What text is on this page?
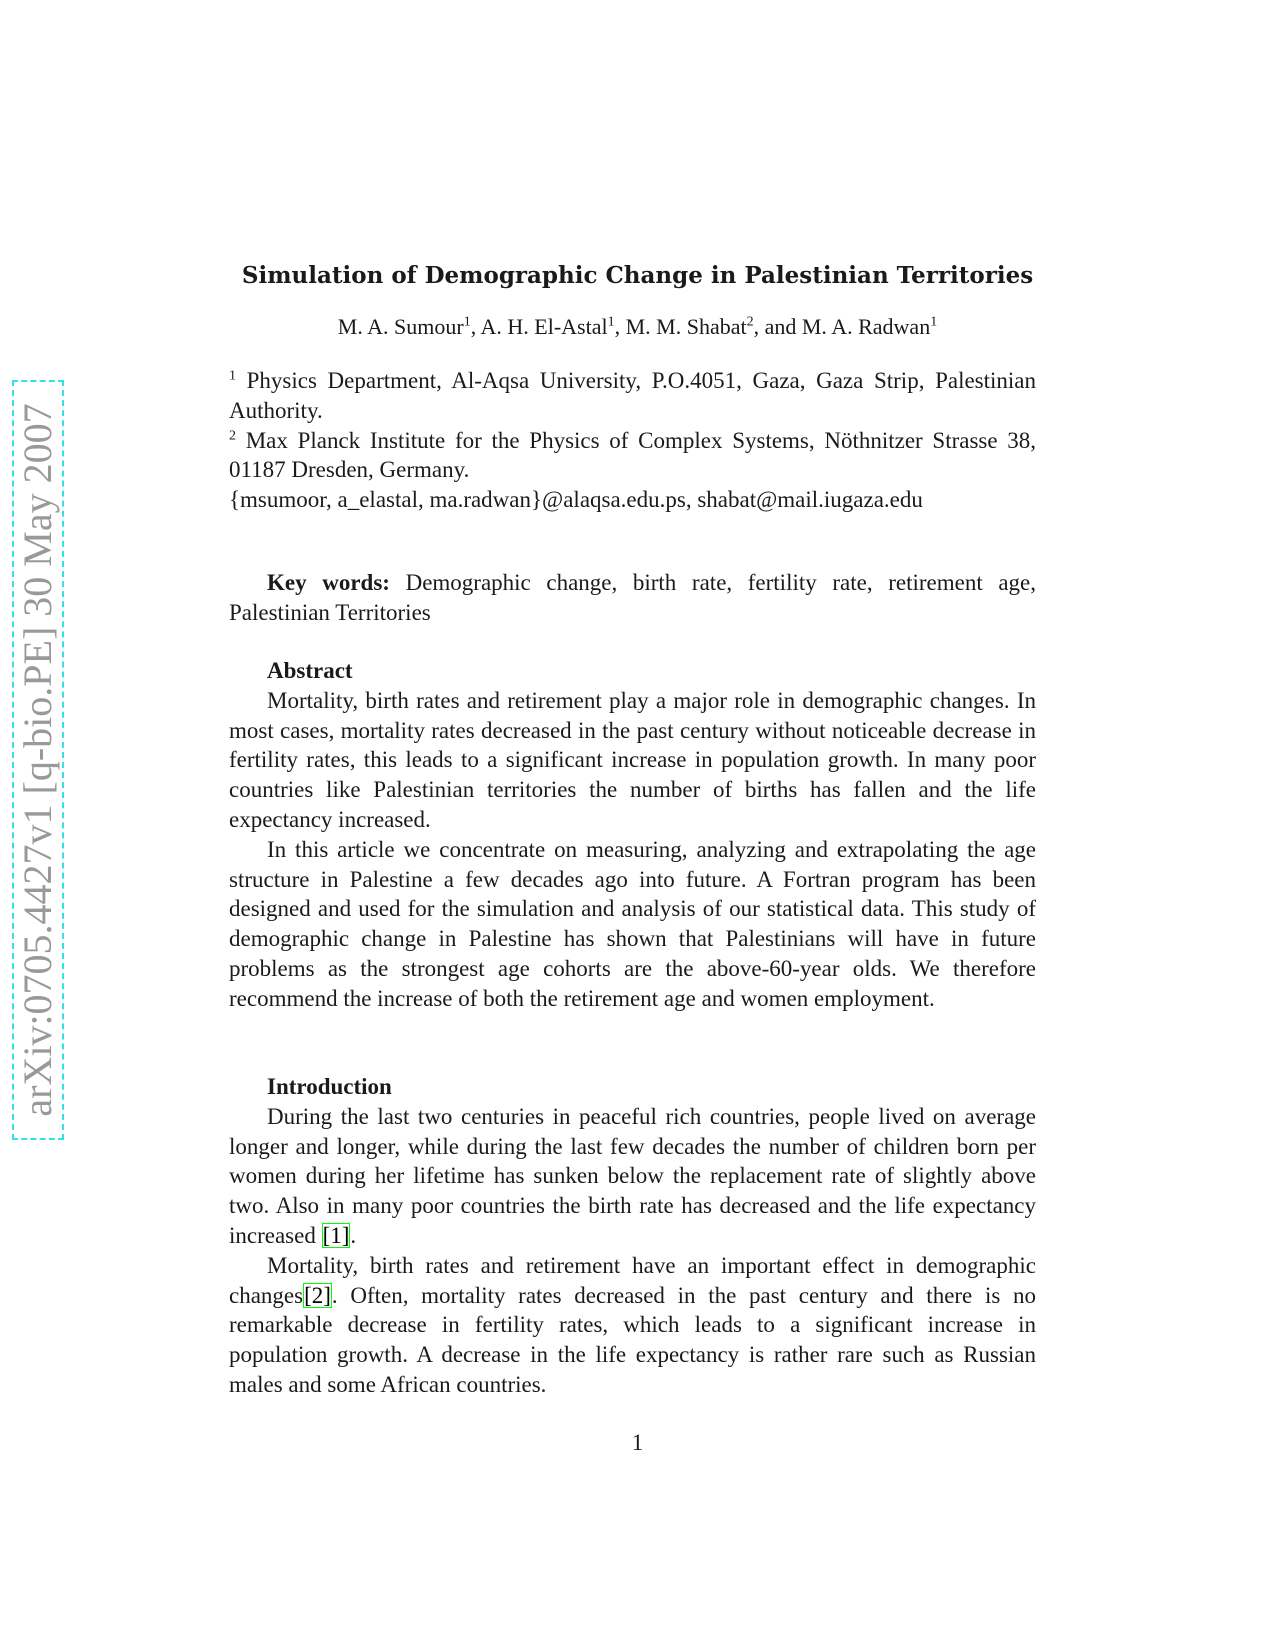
arXiv:0705.4427v1 [q-bio.PE] 30 May 2007
Simulation of Demographic Change in Palestinian Territories
M. A. Sumour$^1$, A. H. El-Astal$^1$, M. M. Shabat$^2$, and M. A. Radwan$^1$

$^1$ Physics Department, Al-Aqsa University, P.O.4051, Gaza, Gaza Strip, Palestinian Authority.

$^2$ Max Planck Institute for the Physics of Complex Systems, Nöthnitzer Strasse 38, 01187 Dresden, Germany.

{msumoor, a_elastal, ma.radwan}@alaqsa.edu.ps, shabat@mail.iugaza.edu

Key words: Demographic change, birth rate, fertility rate, retirement age, Palestinian Territories

Abstract

Mortality, birth rates and retirement play a major role in demographic changes. In most cases, mortality rates decreased in the past century without noticeable decrease in fertility rates, this leads to a significant increase in population growth. In many poor countries like Palestinian territories the number of births has fallen and the life expectancy increased.

In this article we concentrate on measuring, analyzing and extrapolating the age structure in Palestine a few decades ago into future. A Fortran program has been designed and used for the simulation and analysis of our statistical data. This study of demographic change in Palestine has shown that Palestinians will have in future problems as the strongest age cohorts are the above-60-year olds. We therefore recommend the increase of both the retirement age and women employment.

Introduction

During the last two centuries in peaceful rich countries, people lived on average longer and longer, while during the last few decades the number of children born per women during her lifetime has sunken below the replacement rate of slightly above two. Also in many poor countries the birth rate has decreased and the life expectancy increased [1].

Mortality, birth rates and retirement have an important effect in demographic changes[2]. Often, mortality rates decreased in the past century and there is no remarkable decrease in fertility rates, which leads to a significant increase in population growth. A decrease in the life expectancy is rather rare such as Russian males and some African countries.

1
